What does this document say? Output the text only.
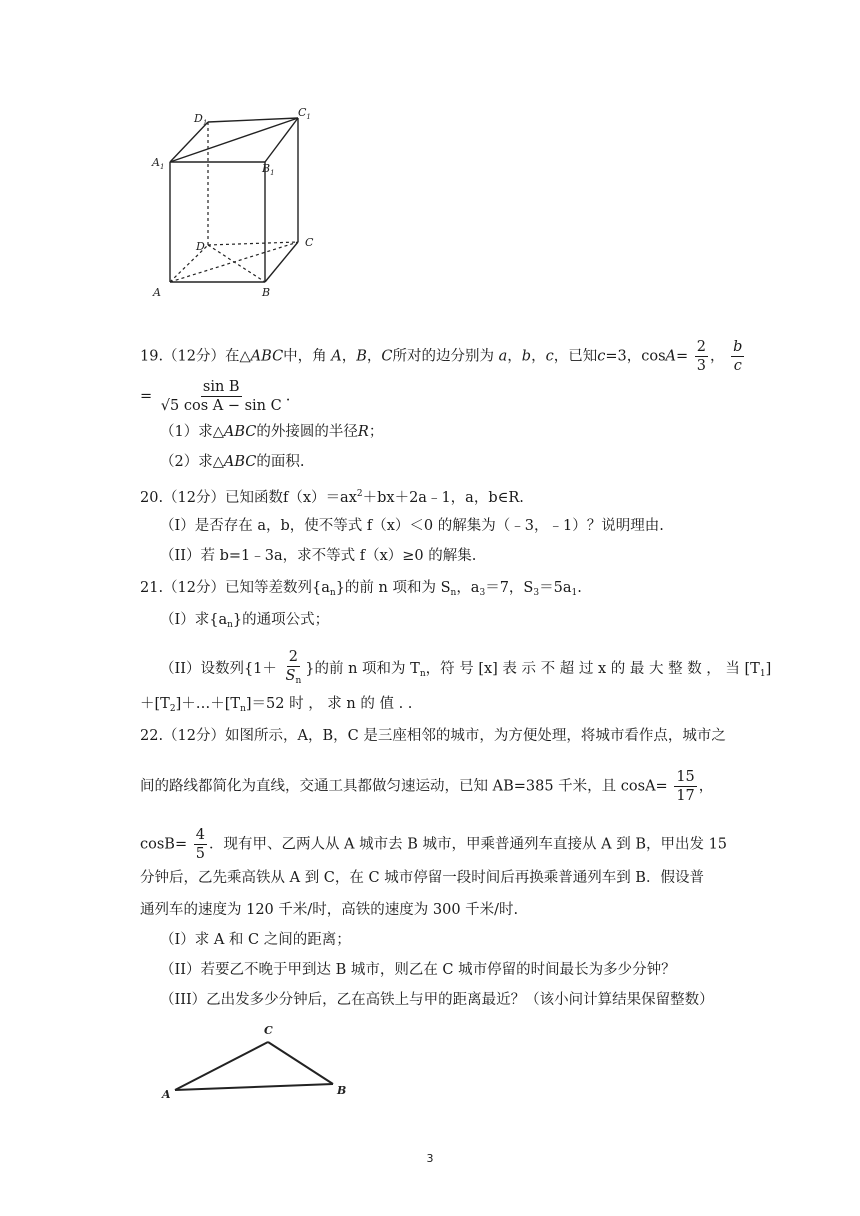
$D_1$
$C_1$
$A_1$	$B_1$
D	C
A	B
19.（12分）在△ABC中，角 A，B，C所对的边分别为 a，b，c，已知c=3，$\cos A= \frac{2}{3}$ ， $\frac{b}{c}$
= $\frac{\text{sin B}}{\text{√5 cos A − sin C}}$ .
（1）求△ABC的外接圆的半径R；
（2）求△ABC的面积.
20.（12分）已知函数$f(x)=ax^2+bx+2a﹣1$，a，b∈R.
（I）是否存在 a，b，使不等式 f（x）＜0 的解集为（﹣3，﹣1）？说明理由.
（II）若 b=1﹣3a，求不等式 f（x）≥0 的解集.
21.（12分）已知等差数列$\{a_n\}$的前 n 项和为 $S_n$，$a_3=7$，$S_3=5a_1$.
（I）求$\{a_n\}$的通项公式；
（II）设数列{$1+ \frac{2}{S_n}$ }的前 n 项和为 $T_n$，符 号 [x] 表 示 不 超 过 x 的 最 大 整 数 ， 当 $[T_1]$
$+[T_2]+\dots+[T_n]=52$ 时 ， 求 n 的 值 . .
22.（12分）如图所示，A，B，C 是三座相邻的城市，为方便处理，将城市看作点，城市之
间的路线都简化为直线，交通工具都做匀速运动，已知 AB=385 千米，且 $\cos A= \frac{15}{17}$ ，
$\cos B= \frac{4}{5}$ ．现有甲、乙两人从 A 城市去 B 城市，甲乘普通列车直接从 A 到 B，甲出发 15
分钟后，乙先乘高铁从 A 到 C，在 C 城市停留一段时间后再换乘普通列车到 B．假设普
通列车的速度为 120 千米/时，高铁的速度为 300 千米/时.
（I）求 A 和 C 之间的距离；
（II）若要乙不晚于甲到达 B 城市，则乙在 C 城市停留的时间最长为多少分钟？
（III）乙出发多少分钟后，乙在高铁上与甲的距离最近？（该小问计算结果保留整数）
A	B
C
3
